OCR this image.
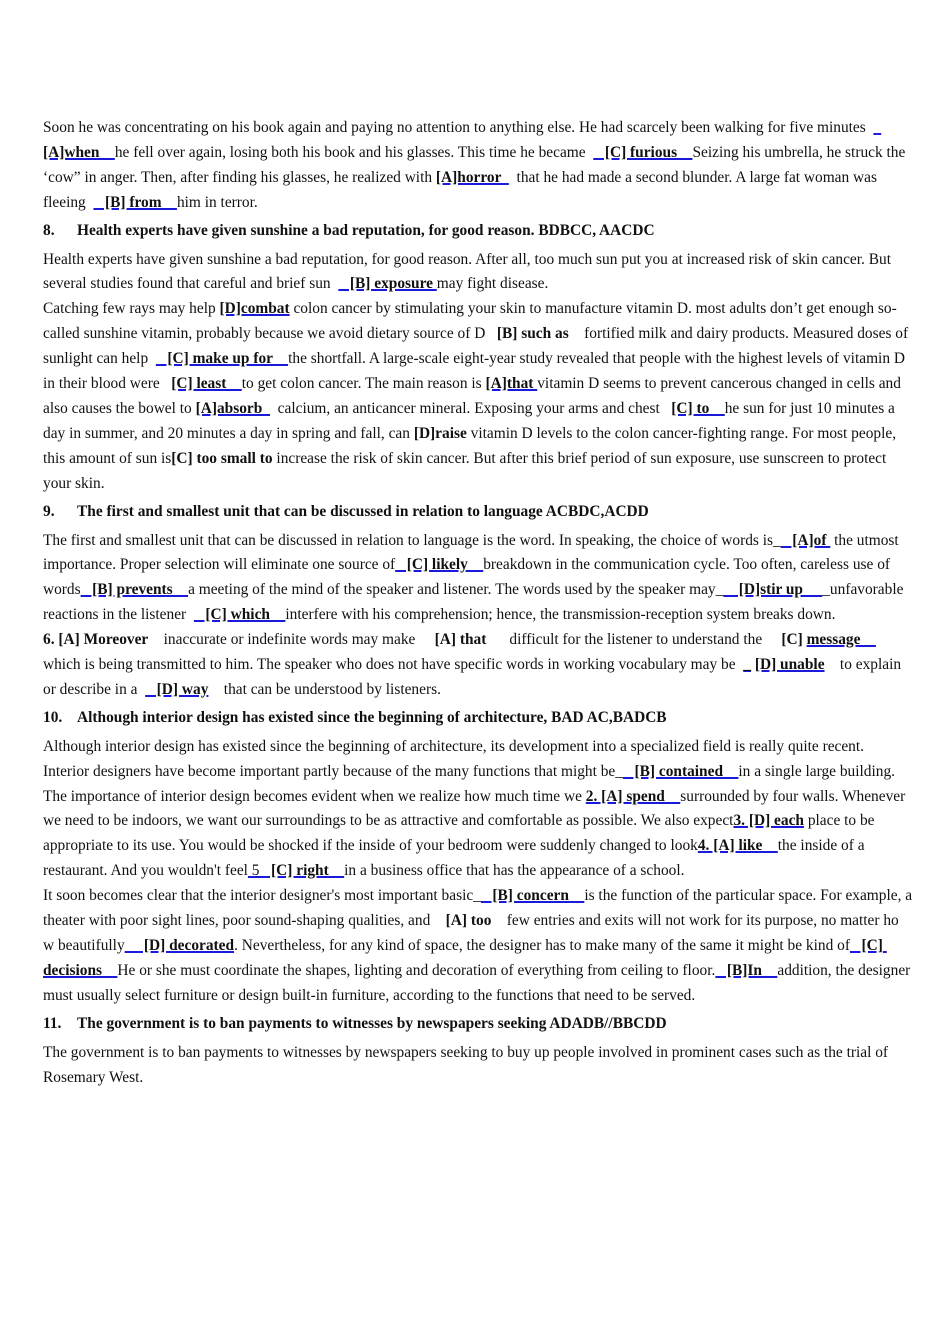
Soon he was concentrating on his book again and paying no attention to anything else. He had scarcely been walking for five minutes    [A]when    he fell over again, losing both his book and his glasses. This time he became     [C] furious    Seizing his umbrella, he struck the ‘cow” in anger. Then, after finding his glasses, he realized with [A]horror    that he had made a second blunder. A large fat woman was fleeing     [B] from    him in terror.

8. Health experts have given sunshine a bad reputation, for good reason. BDBCC, AACDC

Health experts have given sunshine a bad reputation, for good reason. After all, too much sun put you at increased risk of skin cancer. But several studies found that careful and brief sun     [B] exposure may fight disease.

Catching few rays may help [D]combat colon cancer by stimulating your skin to manufacture vitamin D. most adults don’t get enough so-called sunshine vitamin, probably because we avoid dietary source of D   [B] such as    fortified milk and dairy products. Measured doses of sunlight can help     [C] make up for    the shortfall. A large-scale eight-year study revealed that people with the highest levels of vitamin D in their blood were   [C] least    to get colon cancer. The main reason is [A]that vitamin D seems to prevent cancerous changed in cells and also causes the bowel to [A]absorb    calcium, an anticancer mineral. Exposing your arms and chest   [C] to    he sun for just 10 minutes a day in summer, and 20 minutes a day in spring and fall, can [D]raise vitamin D levels to the colon cancer-fighting range. For most people, this amount of sun is[C] too small to increase the risk of skin cancer. But after this brief period of sun exposure, use sunscreen to protect your skin.

9. The first and smallest unit that can be discussed in relation to language ACBDC,ACDD

The first and smallest unit that can be discussed in relation to language is the word. In speaking, the choice of words is_   [A]of  the utmost importance. Proper selection will eliminate one source of   [C] likely    breakdown in the communication cycle. Too often, careless use of words   [B] prevents    a meeting of the mind of the speaker and listener. The words used by the speaker may_    [D]stir up     _unfavorable reactions in the listener     [C] which    interfere with his comprehension; hence, the transmission-reception system breaks down.

6. [A] Moreover    inaccurate or indefinite words may make     [A] that      difficult for the listener to understand the     [C] message    which is being transmitted to him. The speaker who does not have specific words in working vocabulary may be  _ [D] unable    to explain or describe in a     [D] way    that can be understood by listeners.

10. Although interior design has existed since the beginning of architecture, BAD AC,BADCB

Although interior design has existed since the beginning of architecture, its development into a specialized field is really quite recent. Interior designers have become important partly because of the many functions that might be_   [B] contained    in a single large building.

The importance of interior design becomes evident when we realize how much time we 2. [A] spend    surrounded by four walls. Whenever we need to be indoors, we want our surroundings to be as attractive and comfortable as possible. We also expect3. [D] each place to be appropriate to its use. You would be shocked if the inside of your bedroom were suddenly changed to look4. [A] like    the inside of a restaurant. And you wouldn't feel 5   [C] right    in a business office that has the appearance of a school.

It soon becomes clear that the interior designer's most important basic_   [B] concern    is the function of the particular space. For example, a theater with poor sight lines, poor sound-shaping qualities, and    [A] too    few entries and exits will not work for its purpose, no matter ho w beautifully     [D] decorated. Nevertheless, for any kind of space, the designer has to make many of the same it might be kind of   [C] decisions    He or she must coordinate the shapes, lighting and decoration of everything from ceiling to floor.   [B]In    addition, the designer must usually select furniture or design built-in furniture, according to the functions that need to be served.

11. The government is to ban payments to witnesses by newspapers seeking ADADB//BBCDD

The government is to ban payments to witnesses by newspapers seeking to buy up people involved in prominent cases such as the trial of Rosemary West.
